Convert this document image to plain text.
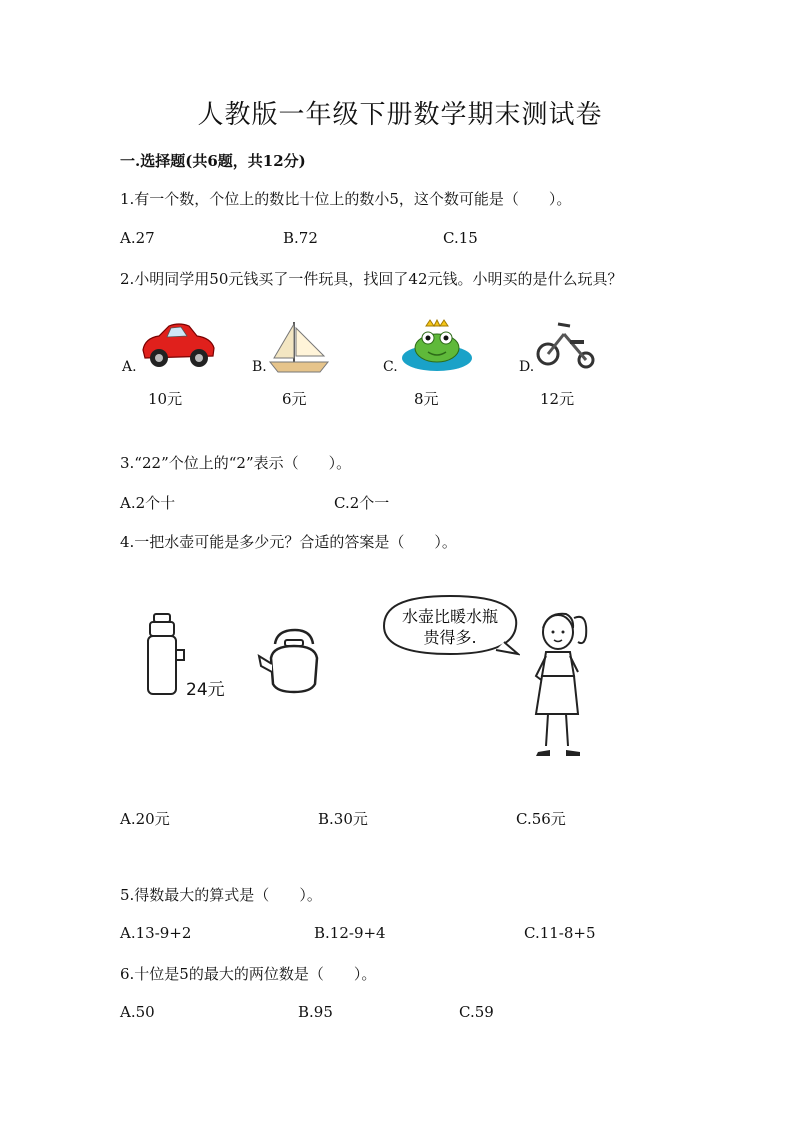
人教版一年级下册数学期末测试卷
一.选择题(共6题，共12分)
1.有一个数，个位上的数比十位上的数小5，这个数可能是（　　）。
A.27	B.72	C.15
2.小明同学用50元钱买了一件玩具，找回了42元钱。小明买的是什么玩具？
A.
10元
B.
6元
C.
8元
D.
12元
3.“22”个位上的“2”表示（　　）。
A.2个十	C.2个一
4.一把水壶可能是多少元？合适的答案是（　　）。
24元
水壶比暖水瓶
贵得多.
A.20元	B.30元	C.56元
5.得数最大的算式是（　　）。
A.13-9+2	B.12-9+4	C.11-8+5
6.十位是5的最大的两位数是（　　）。
A.50	B.95	C.59
